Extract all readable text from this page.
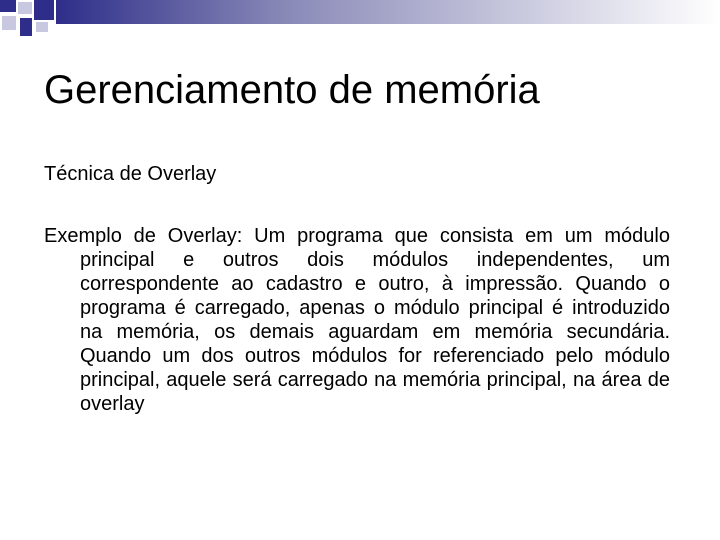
Gerenciamento de memória
Técnica de Overlay

Exemplo de Overlay: Um programa que consista em um módulo principal e outros dois módulos independentes, um correspondente ao cadastro e outro, à impressão. Quando o programa é carregado, apenas o módulo principal é introduzido na memória, os demais aguardam em memória secundária. Quando um dos outros módulos for referenciado pelo módulo principal, aquele será carregado na memória principal, na área de overlay
